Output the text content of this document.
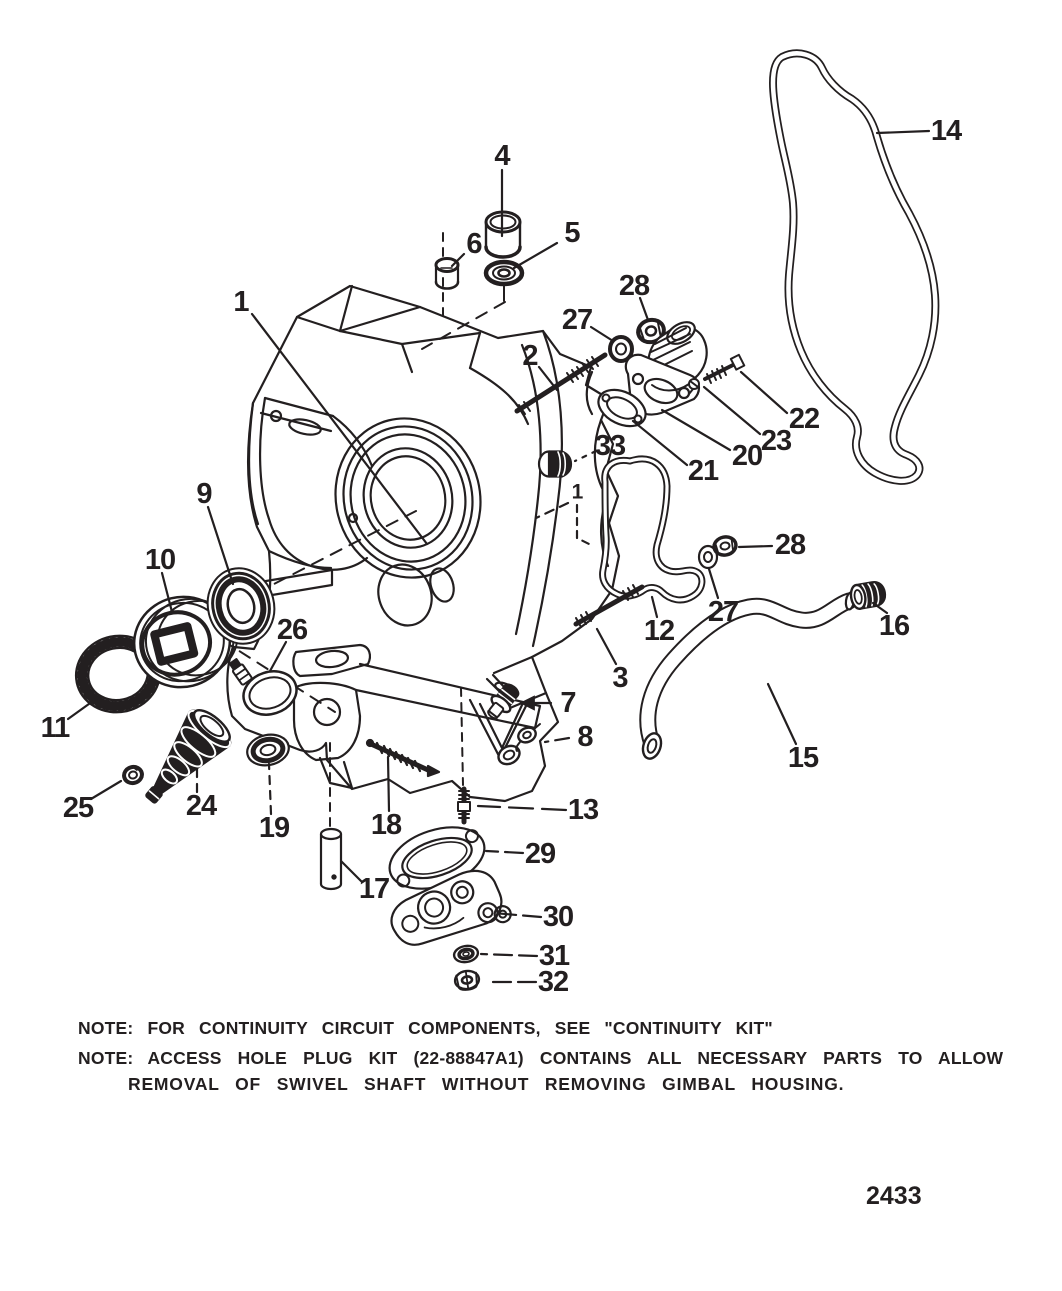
1
2
3
4
5
6
7
8
9
10
11
12
13
14
15
16
17
18
19
20
21
22
23
24
25
26
27
27
28
28
29
30
31
32
33
1
NOTE: FOR CONTINUITY CIRCUIT COMPONENTS, SEE "CONTINUITY KIT"
NOTE: ACCESS HOLE PLUG KIT (22-88847A1) CONTAINS ALL NECESSARY PARTS TO ALLOW
REMOVAL OF SWIVEL SHAFT WITHOUT REMOVING GIMBAL HOUSING.
2433
